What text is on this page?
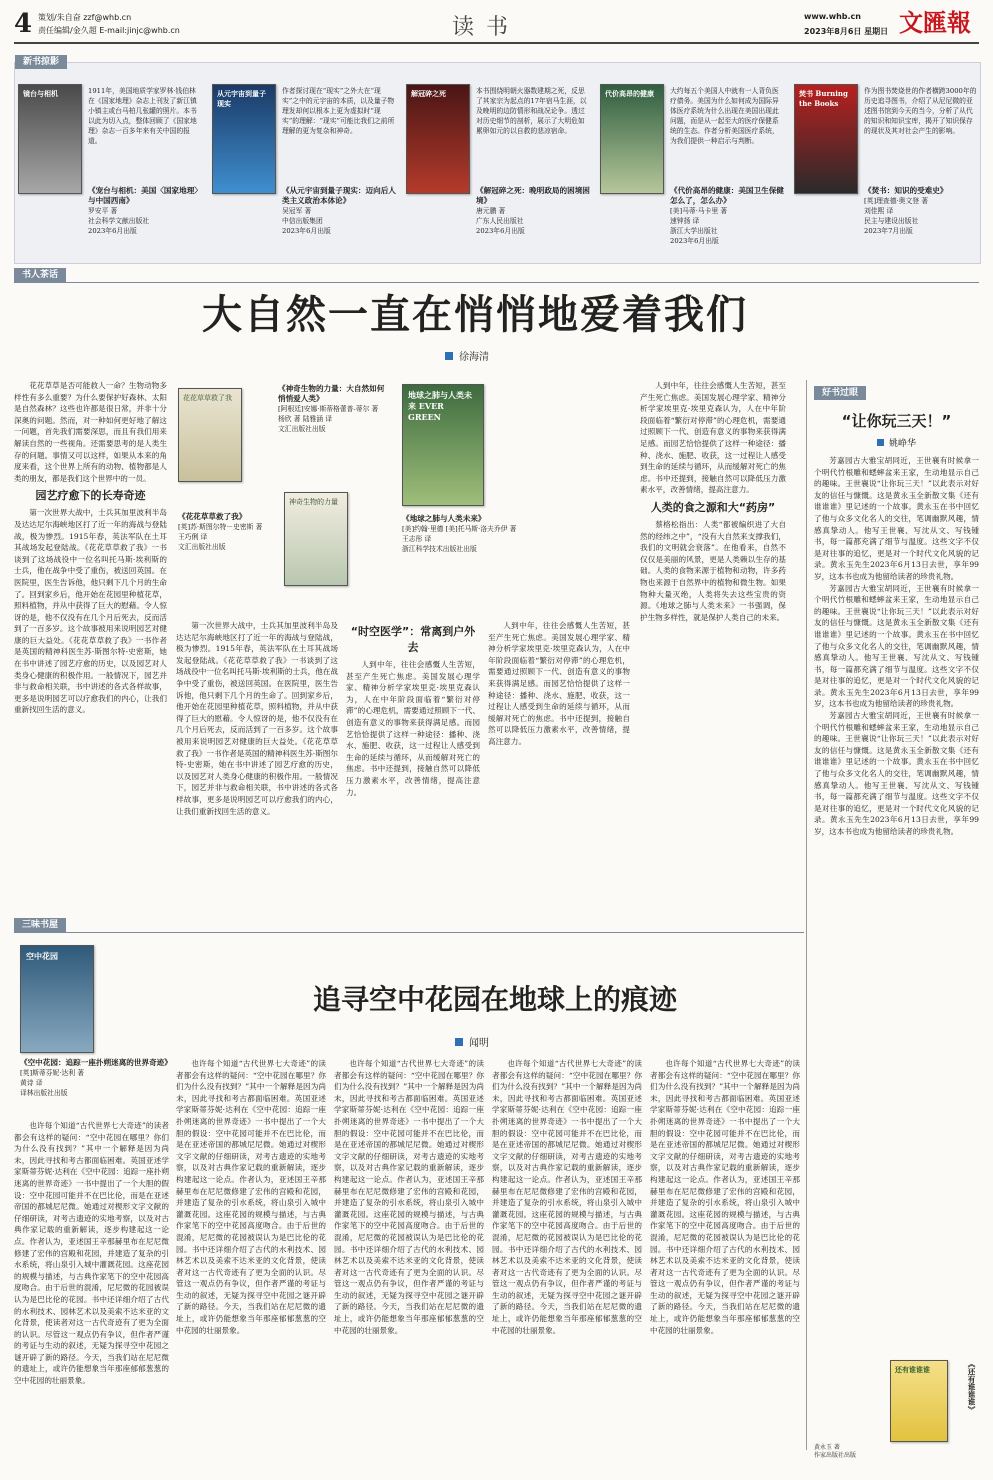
4 策划/朱自奋 zzf@whb.cn
责任编辑/金久超 E-mail:jinjc@whb.cn	读书	www.whb.cn
2023年8月6日 星期日 文匯報
新书掠影
镜台与相机	1911年，美国地质学家罗林·钱伯林在《国家地理》杂志上刊发了新江镇小镇主或台马柏几张罐的照片。本书以此为切入点，整体回顾了《国家地理》杂志一百多年来有关中国的报道。
《宠台与相机：美国〈国家地理〉与中国西南》
罗安平 著
社会科学文献出版社
2023年6月出版
从元宇宙到量子现实
作者探讨现在“现实”之外大在“现实”之中的元宇宙的本质，以及量子物理发却何以根本上更为虚拟时“现实”的理解：“现实”可能比我们之前所理解的更为复杂和神奇。
《从元宇宙到量子现实：迈向后人类主义政治本体论》
吴冠军 著
中信出版集团
2023年6月出版
解冠碎之死	本书围绕明朝火器数建期之死，反思了其家宗为起点的17年宿马生涯，以及晚明的边防情形和战况论争。透过对历史细节的剖析，展示了大明危如累卵如元的以自救的悲凉宿命。
《解冠碎之死：晚明政局的困境困境》
唐元鹏 著
广东人民出版社
2023年6月出版
代价高昂的健康	大约每五个美国人中就有一人背负医疗债务。美国为什么如何成为国际异体医疗系统为什么出现在美国出现此问题，而是从一起至大的医疗保健系统的生态。作者分析美国医疗系统，为我们提供一种启示与判断。
《代价高昂的健康：美国卫生保健怎么了，怎么办》
[美]马蒂·马卡里 著
速钟扬 译
浙江大学出版社
2023年6月出版
焚书 Burning the Books
作为图书焚烧世的作者横跨3000年的历史追寻图书，介绍了从尼尼微的亚述图书馆到今天的当今，分析了从代的知识和知识宝库，揭开了知识保存的现状及其对社会产生的影响。
《焚书：知识的受难史》
[英]理查德·奥文登 著
刘佳熙 译
民主与建设出版社
2023年7月出版
书人茶话
大自然一直在悄悄地爱着我们
徐海清

花花草草是否可能救人一命？生物动物多样性有多么重要？为什么要保护好森林、太阳是自然森林？这些也许都是很日常，并非十分深奥的问题。然而，对一种如何更好地了解这一问题，首先我们需要深思，而且有我们用来解读自然的一些视角。还需要思考的是人类生存的问题。事情又可以这样，如果从本来的角度来看，这个世界上所有的动物、植物都是人类的朋友，都是我们这个世界中的一员。

园艺疗愈下的长寿奇迹

第一次世界大战中，士兵其加里波利半岛及达达尼尔海峡地区打了近一年的海战与登陆战，极为惨烈。1915年春，英法军队在土耳其战场发起登陆战。《花花草草救了我》一书谈到了这场战役中一位名叫托马斯·埃利斯的士兵，他在战争中受了重伤，被送回英国。在医院里，医生告诉他，他只剩下几个月的生命了。回到家乡后，他开始在花园里种植花草，照料植物，并从中获得了巨大的慰藉。令人惊讶的是，他不仅没有在几个月后死去，反而活到了一百多岁。这个故事被用来说明园艺对健康的巨大益处。《花花草草救了我》一书作者是英国的精神科医生苏·斯图尔特-史密斯，她在书中讲述了园艺疗愈的历史，以及园艺对人类身心健康的积极作用。一般情况下，园艺并非与救命相关联，书中讲述的各式各样故事，更多是说明园艺可以疗愈我们的内心，让我们重新找回生活的意义。

花花草草救了我
《花花草草救了我》
[英]苏·斯图尔特－史密斯 著
王巧俐 译
文汇出版社出版
神奇生物的力量
《神奇生物的力量：大自然如何悄悄爱人类》
[阿根廷]安娜·斯蒂格蕾普-蒂尔 著
杨欣 著 陆雅涵 译
文汇出版社出版
地球之肺与人类未来 EVER GREEN
《地球之肺与人类未来》
[美]约翰·里德 [美]托马斯·洛夫乔伊 著
王志彤 译
浙江科学技术出版社出版

第一次世界大战中，士兵其加里波利半岛及达达尼尔海峡地区打了近一年的海战与登陆战，极为惨烈。1915年春，英法军队在土耳其战场发起登陆战。《花花草草救了我》一书谈到了这场战役中一位名叫托马斯·埃利斯的士兵，他在战争中受了重伤，被送回英国。在医院里，医生告诉他，他只剩下几个月的生命了。回到家乡后，他开始在花园里种植花草，照料植物，并从中获得了巨大的慰藉。令人惊讶的是，他不仅没有在几个月后死去，反而活到了一百多岁。这个故事被用来说明园艺对健康的巨大益处。《花花草草救了我》一书作者是英国的精神科医生苏·斯图尔特-史密斯，她在书中讲述了园艺疗愈的历史，以及园艺对人类身心健康的积极作用。一般情况下，园艺并非与救命相关联，书中讲述的各式各样故事，更多是说明园艺可以疗愈我们的内心，让我们重新找回生活的意义。

“时空医学”：常离到户外去

人到中年，往往会感慨人生苦短，甚至产生死亡焦虑。美国发展心理学家、精神分析学家埃里克·埃里克森认为，人在中年阶段面临着“繁衍对停滞”的心理危机，需要通过照顾下一代、创造有意义的事物来获得满足感。而园艺恰恰提供了这样一种途径：播种、浇水、施肥、收获，这一过程让人感受到生命的延续与循环，从而缓解对死亡的焦虑。书中还提到，接触自然可以降低压力激素水平，改善情绪，提高注意力。

人到中年，往往会感慨人生苦短，甚至产生死亡焦虑。美国发展心理学家、精神分析学家埃里克·埃里克森认为，人在中年阶段面临着“繁衍对停滞”的心理危机，需要通过照顾下一代、创造有意义的事物来获得满足感。而园艺恰恰提供了这样一种途径：播种、浇水、施肥、收获，这一过程让人感受到生命的延续与循环，从而缓解对死亡的焦虑。书中还提到，接触自然可以降低压力激素水平，改善情绪，提高注意力。

人到中年，往往会感慨人生苦短，甚至产生死亡焦虑。美国发展心理学家、精神分析学家埃里克·埃里克森认为，人在中年阶段面临着“繁衍对停滞”的心理危机，需要通过照顾下一代、创造有意义的事物来获得满足感。而园艺恰恰提供了这样一种途径：播种、浇水、施肥、收获，这一过程让人感受到生命的延续与循环，从而缓解对死亡的焦虑。书中还提到，接触自然可以降低压力激素水平，改善情绪，提高注意力。

人类的食之源和大“药房”

蔡格松指出：人类“都被编织进了大自然的经纬之中”，“没有大自然来支撑我们，我们的文明就会衰落”。在他看来，自然不仅仅是美丽的风景，更是人类赖以生存的基础。人类的食物来源于植物和动物，许多药物也来源于自然界中的植物和微生物。如果物种大量灭绝，人类将失去这些宝贵的资源。《地球之肺与人类未来》一书强调，保护生物多样性，就是保护人类自己的未来。

好书过眼
“让你玩三天！”
姚峥华

芳嘉园古大雅宝胡同近，王世襄有时候拿一个明代竹根雕和蟋蟀盆来王家，生动地显示自己的趣味。王世襄说“让你玩三天！”以此表示对好友的信任与慷慨。这是黄永玉全新散文集《还有谁谁谁》里记述的一个故事。黄永玉在书中回忆了他与众多文化名人的交往，笔调幽默风趣，情感真挚动人。他写王世襄、写沈从文、写钱锺书，每一篇都充满了细节与温度。这些文字不仅是对往事的追忆，更是对一个时代文化风貌的记录。黄永玉先生2023年6月13日去世，享年99岁，这本书也成为他留给读者的珍贵礼物。

芳嘉园古大雅宝胡同近，王世襄有时候拿一个明代竹根雕和蟋蟀盆来王家，生动地显示自己的趣味。王世襄说“让你玩三天！”以此表示对好友的信任与慷慨。这是黄永玉全新散文集《还有谁谁谁》里记述的一个故事。黄永玉在书中回忆了他与众多文化名人的交往，笔调幽默风趣，情感真挚动人。他写王世襄、写沈从文、写钱锺书，每一篇都充满了细节与温度。这些文字不仅是对往事的追忆，更是对一个时代文化风貌的记录。黄永玉先生2023年6月13日去世，享年99岁，这本书也成为他留给读者的珍贵礼物。

芳嘉园古大雅宝胡同近，王世襄有时候拿一个明代竹根雕和蟋蟀盆来王家，生动地显示自己的趣味。王世襄说“让你玩三天！”以此表示对好友的信任与慷慨。这是黄永玉全新散文集《还有谁谁谁》里记述的一个故事。黄永玉在书中回忆了他与众多文化名人的交往，笔调幽默风趣，情感真挚动人。他写王世襄、写沈从文、写钱锺书，每一篇都充满了细节与温度。这些文字不仅是对往事的追忆，更是对一个时代文化风貌的记录。黄永玉先生2023年6月13日去世，享年99岁，这本书也成为他留给读者的珍贵礼物。

还有谁谁谁	《还有谁谁谁》
黄永玉 著
作家出版社出版
三味书屋
空中花园
《空中花园：追踪一座扑朔迷离的世界奇迹》
[英]斯蒂芬妮·达利 著
黄诗 译
译林出版社出版
追寻空中花园在地球上的痕迹
闻明

也许每个知道“古代世界七大奇迹”的读者都会有这样的疑问：“空中花园在哪里？你们为什么没有找到？”其中一个解释是因为尚未，因此寻找和考古都面临困难。英国亚述学家斯蒂芬妮·达利在《空中花园：追踪一座扑朔迷离的世界奇迹》一书中提出了一个大胆的假设：空中花园可能并不在巴比伦，而是在亚述帝国的都城尼尼微。她通过对楔形文字文献的仔细研读，对考古遗迹的实地考察，以及对古典作家记载的重新解读，逐步构建起这一论点。作者认为，亚述国王辛那赫里布在尼尼微修建了宏伟的宫殿和花园，并建造了复杂的引水系统，将山泉引入城中灌溉花园。这座花园的规模与描述，与古典作家笔下的空中花园高度吻合。由于后世的混淆，尼尼微的花园被误认为是巴比伦的花园。书中还详细介绍了古代的水利技术、园林艺术以及美索不达米亚的文化背景，使读者对这一古代奇迹有了更为全面的认识。尽管这一观点仍有争议，但作者严谨的考证与生动的叙述，无疑为探寻空中花园之谜开辟了新的路径。今天，当我们站在尼尼微的遗址上，或许仍能想象当年那座郁郁葱葱的空中花园的壮丽景象。

也许每个知道“古代世界七大奇迹”的读者都会有这样的疑问：“空中花园在哪里？你们为什么没有找到？”其中一个解释是因为尚未，因此寻找和考古都面临困难。英国亚述学家斯蒂芬妮·达利在《空中花园：追踪一座扑朔迷离的世界奇迹》一书中提出了一个大胆的假设：空中花园可能并不在巴比伦，而是在亚述帝国的都城尼尼微。她通过对楔形文字文献的仔细研读，对考古遗迹的实地考察，以及对古典作家记载的重新解读，逐步构建起这一论点。作者认为，亚述国王辛那赫里布在尼尼微修建了宏伟的宫殿和花园，并建造了复杂的引水系统，将山泉引入城中灌溉花园。这座花园的规模与描述，与古典作家笔下的空中花园高度吻合。由于后世的混淆，尼尼微的花园被误认为是巴比伦的花园。书中还详细介绍了古代的水利技术、园林艺术以及美索不达米亚的文化背景，使读者对这一古代奇迹有了更为全面的认识。尽管这一观点仍有争议，但作者严谨的考证与生动的叙述，无疑为探寻空中花园之谜开辟了新的路径。今天，当我们站在尼尼微的遗址上，或许仍能想象当年那座郁郁葱葱的空中花园的壮丽景象。

也许每个知道“古代世界七大奇迹”的读者都会有这样的疑问：“空中花园在哪里？你们为什么没有找到？”其中一个解释是因为尚未，因此寻找和考古都面临困难。英国亚述学家斯蒂芬妮·达利在《空中花园：追踪一座扑朔迷离的世界奇迹》一书中提出了一个大胆的假设：空中花园可能并不在巴比伦，而是在亚述帝国的都城尼尼微。她通过对楔形文字文献的仔细研读，对考古遗迹的实地考察，以及对古典作家记载的重新解读，逐步构建起这一论点。作者认为，亚述国王辛那赫里布在尼尼微修建了宏伟的宫殿和花园，并建造了复杂的引水系统，将山泉引入城中灌溉花园。这座花园的规模与描述，与古典作家笔下的空中花园高度吻合。由于后世的混淆，尼尼微的花园被误认为是巴比伦的花园。书中还详细介绍了古代的水利技术、园林艺术以及美索不达米亚的文化背景，使读者对这一古代奇迹有了更为全面的认识。尽管这一观点仍有争议，但作者严谨的考证与生动的叙述，无疑为探寻空中花园之谜开辟了新的路径。今天，当我们站在尼尼微的遗址上，或许仍能想象当年那座郁郁葱葱的空中花园的壮丽景象。

也许每个知道“古代世界七大奇迹”的读者都会有这样的疑问：“空中花园在哪里？你们为什么没有找到？”其中一个解释是因为尚未，因此寻找和考古都面临困难。英国亚述学家斯蒂芬妮·达利在《空中花园：追踪一座扑朔迷离的世界奇迹》一书中提出了一个大胆的假设：空中花园可能并不在巴比伦，而是在亚述帝国的都城尼尼微。她通过对楔形文字文献的仔细研读，对考古遗迹的实地考察，以及对古典作家记载的重新解读，逐步构建起这一论点。作者认为，亚述国王辛那赫里布在尼尼微修建了宏伟的宫殿和花园，并建造了复杂的引水系统，将山泉引入城中灌溉花园。这座花园的规模与描述，与古典作家笔下的空中花园高度吻合。由于后世的混淆，尼尼微的花园被误认为是巴比伦的花园。书中还详细介绍了古代的水利技术、园林艺术以及美索不达米亚的文化背景，使读者对这一古代奇迹有了更为全面的认识。尽管这一观点仍有争议，但作者严谨的考证与生动的叙述，无疑为探寻空中花园之谜开辟了新的路径。今天，当我们站在尼尼微的遗址上，或许仍能想象当年那座郁郁葱葱的空中花园的壮丽景象。

也许每个知道“古代世界七大奇迹”的读者都会有这样的疑问：“空中花园在哪里？你们为什么没有找到？”其中一个解释是因为尚未，因此寻找和考古都面临困难。英国亚述学家斯蒂芬妮·达利在《空中花园：追踪一座扑朔迷离的世界奇迹》一书中提出了一个大胆的假设：空中花园可能并不在巴比伦，而是在亚述帝国的都城尼尼微。她通过对楔形文字文献的仔细研读，对考古遗迹的实地考察，以及对古典作家记载的重新解读，逐步构建起这一论点。作者认为，亚述国王辛那赫里布在尼尼微修建了宏伟的宫殿和花园，并建造了复杂的引水系统，将山泉引入城中灌溉花园。这座花园的规模与描述，与古典作家笔下的空中花园高度吻合。由于后世的混淆，尼尼微的花园被误认为是巴比伦的花园。书中还详细介绍了古代的水利技术、园林艺术以及美索不达米亚的文化背景，使读者对这一古代奇迹有了更为全面的认识。尽管这一观点仍有争议，但作者严谨的考证与生动的叙述，无疑为探寻空中花园之谜开辟了新的路径。今天，当我们站在尼尼微的遗址上，或许仍能想象当年那座郁郁葱葱的空中花园的壮丽景象。
